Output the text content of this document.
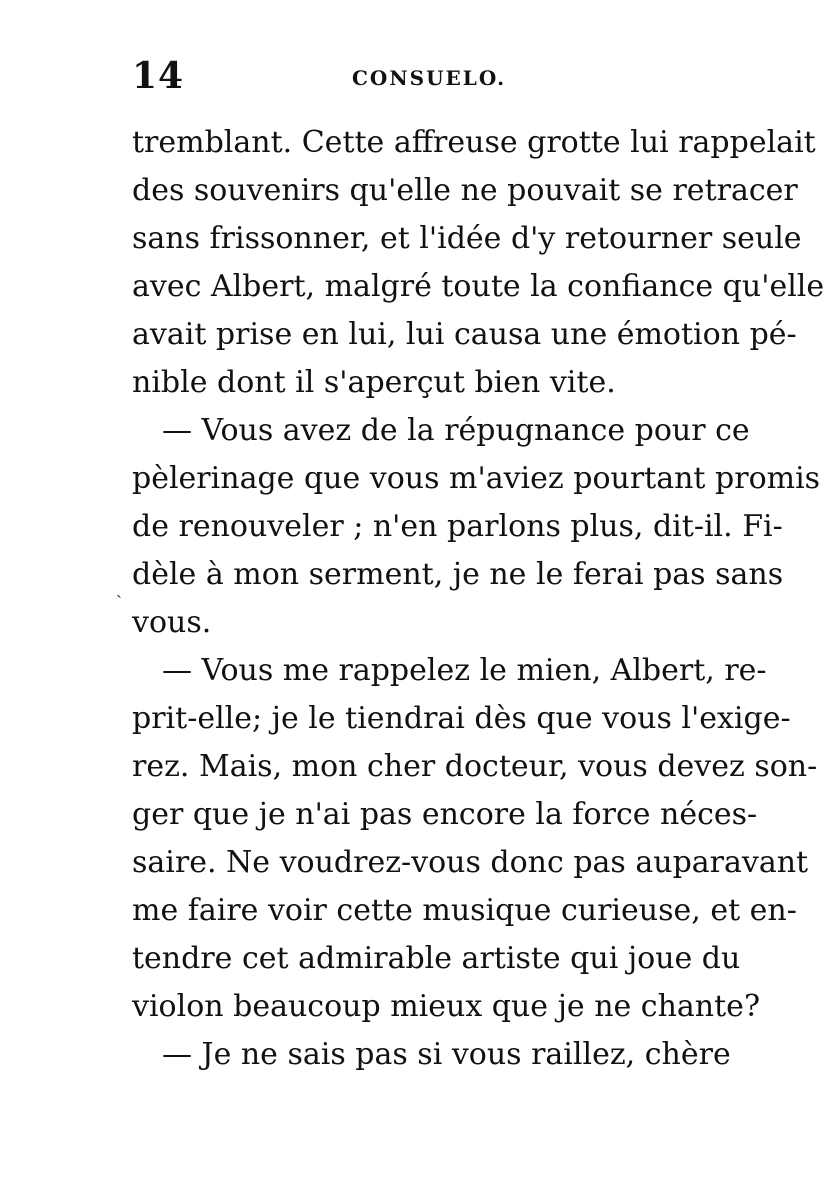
14	CONSUELO.
ˎ
tremblant. Cette affreuse grotte lui rappelait
des souvenirs qu'elle ne pouvait se retracer
sans frissonner, et l'idée d'y retourner seule
avec Albert, malgré toute la confiance qu'elle
avait prise en lui, lui causa une émotion pé-
nible dont il s'aperçut bien vite.
— Vous avez de la répugnance pour ce
pèlerinage que vous m'aviez pourtant promis
de renouveler ; n'en parlons plus, dit-il. Fi-
dèle à mon serment, je ne le ferai pas sans
vous.
— Vous me rappelez le mien, Albert, re-
prit-elle; je le tiendrai dès que vous l'exige-
rez. Mais, mon cher docteur, vous devez son-
ger que je n'ai pas encore la force néces-
saire. Ne voudrez-vous donc pas auparavant
me faire voir cette musique curieuse, et en-
tendre cet admirable artiste qui joue du
violon beaucoup mieux que je ne chante?
— Je ne sais pas si vous raillez, chère
